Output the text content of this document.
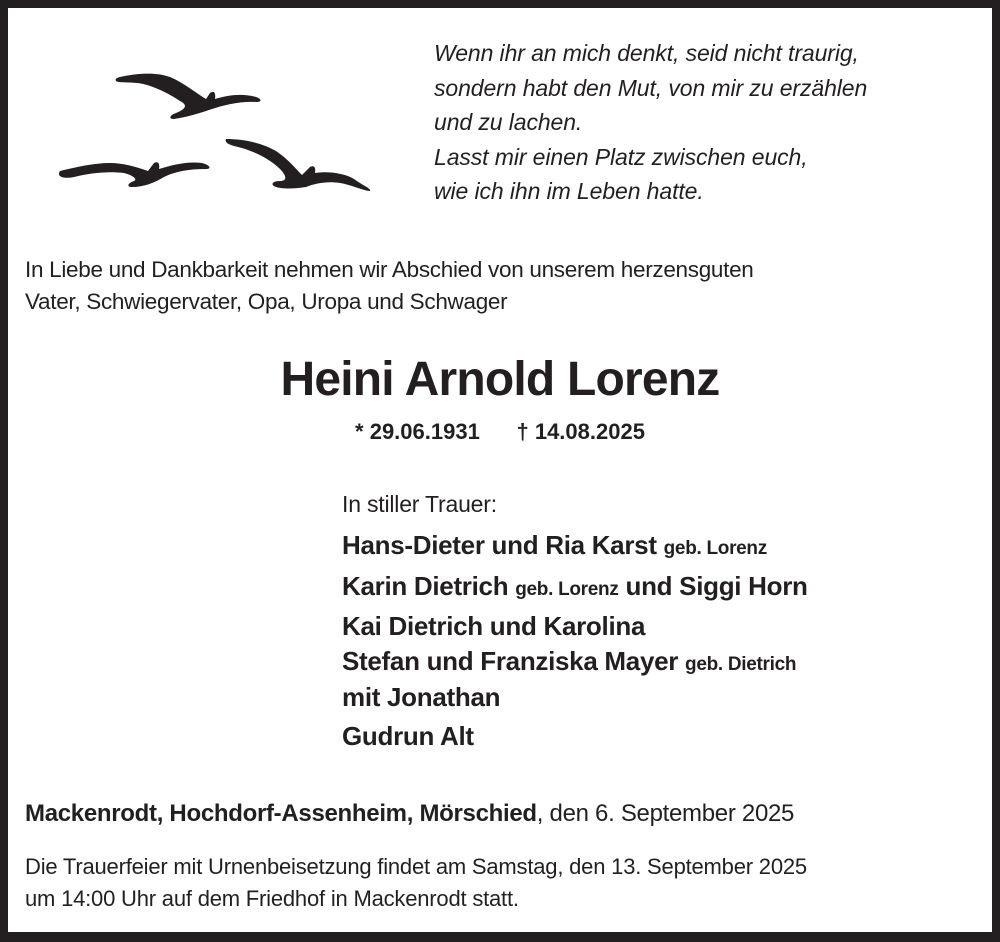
Wenn ihr an mich denkt, seid nicht traurig,
sondern habt den Mut, von mir zu erzählen
und zu lachen.
Lasst mir einen Platz zwischen euch,
wie ich ihn im Leben hatte.
In Liebe und Dankbarkeit nehmen wir Abschied von unserem herzensguten
Vater, Schwiegervater, Opa, Uropa und Schwager
Heini Arnold Lorenz
* 29.06.1931      † 14.08.2025
In stiller Trauer:
Hans-Dieter und Ria Karst geb. Lorenz
Karin Dietrich geb. Lorenz und Siggi Horn
Kai Dietrich und Karolina
Stefan und Franziska Mayer geb. Dietrich
mit Jonathan
Gudrun Alt
Mackenrodt, Hochdorf-Assenheim, Mörschied, den 6. September 2025
Die Trauerfeier mit Urnenbeisetzung findet am Samstag, den 13. September 2025
um 14:00 Uhr auf dem Friedhof in Mackenrodt statt.
